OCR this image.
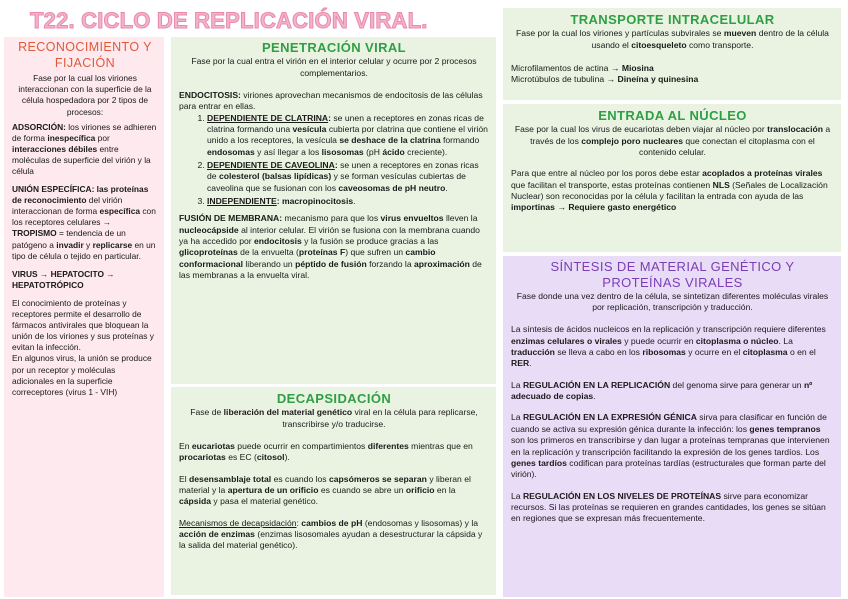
T22. CICLO DE REPLICACIÓN VIRAL.
RECONOCIMIENTO Y FIJACIÓN

Fase por la cual los viriones interaccionan con la superficie de la célula hospedadora por 2 tipos de procesos:

ADSORCIÓN: los viriones se adhieren de forma inespecífica por interacciones débiles entre moléculas de superficie del virión y la célula

UNIÓN ESPECÍFICA: las proteínas de reconocimiento del virión interaccionan de forma específica con los receptores celulares → TROPISMO = tendencia de un patógeno a invadir y replicarse en un tipo de célula o tejido en particular.

VIRUS → HEPATOCITO → HEPATOTRÓPICO

El conocimiento de proteínas y receptores permite el desarrollo de fármacos antivirales que bloquean la unión de los viriones y sus proteínas y evitan la infección.

En algunos virus, la unión se produce por un receptor y moléculas adicionales en la superficie correceptores (virus 1 - VIH)

PENETRACIÓN VIRAL

Fase por la cual entra el virión en el interior celular y ocurre por 2 procesos complementarios.

ENDOCITOSIS: viriones aprovechan mecanismos de endocitosis de las células para entrar en ellas.

1. DEPENDIENTE DE CLATRINA: se unen a receptores en zonas ricas de clatrina formando una vesícula cubierta por clatrina que contiene el virión unido a los receptores, la vesícula se deshace de la clatrina formando endosomas y así llegar a los lisosomas (pH ácido creciente).
2. DEPENDIENTE DE CAVEOLINA: se unen a receptores en zonas ricas de colesterol (balsas lipídicas) y se forman vesículas cubiertas de caveolina que se fusionan con los caveosomas de pH neutro.
3. INDEPENDIENTE: macropinocitosis.

FUSIÓN DE MEMBRANA: mecanismo para que los virus envueltos lleven la nucleocápside al interior celular. El virión se fusiona con la membrana cuando ya ha accedido por endocitosis y la fusión se produce gracias a las glicoproteínas de la envuelta (proteínas F) que sufren un cambio conformacional liberando un péptido de fusión forzando la aproximación de las membranas a la envuelta viral.

DECAPSIDACIÓN

Fase de liberación del material genético viral en la célula para replicarse, transcribirse y/o traducirse.

En eucariotas puede ocurrir en compartimientos diferentes mientras que en procariotas es EC (citosol).

El desensamblaje total es cuando los capsómeros se separan y liberan el material y la apertura de un orificio es cuando se abre un orificio en la cápsida y pasa el material genético.

Mecanismos de decapsidación: cambios de pH (endosomas y lisosomas) y la acción de enzimas (enzimas lisosomales ayudan a desestructurar la cápsida y la salida del material genético).

TRANSPORTE INTRACELULAR

Fase por la cual los viriones y partículas subvirales se mueven dentro de la célula usando el citoesqueleto como transporte.

Microfilamentos de actina → Miosina
Microtúbulos de tubulina → Dineína y quinesina
ENTRADA AL NÚCLEO

Fase por la cual los virus de eucariotas deben viajar al núcleo por translocación a través de los complejo poro nucleares que conectan el citoplasma con el contenido celular.

Para que entre al núcleo por los poros debe estar acoplados a proteínas virales que facilitan el transporte, estas proteínas contienen NLS (Señales de Localización Nuclear) son reconocidas por la célula y facilitan la entrada con ayuda de las importinas → Requiere gasto energético

SÍNTESIS DE MATERIAL GENÉTICO Y PROTEÍNAS VIRALES

Fase donde una vez dentro de la célula, se sintetizan diferentes moléculas virales por replicación, transcripción y traducción.

La síntesis de ácidos nucleicos en la replicación y transcripción requiere diferentes enzimas celulares o virales y puede ocurrir en citoplasma o núcleo. La traducción se lleva a cabo en los ribosomas y ocurre en el citoplasma o en el RER.

La REGULACIÓN EN LA REPLICACIÓN del genoma sirve para generar un nº adecuado de copias.

La REGULACIÓN EN LA EXPRESIÓN GÉNICA sirva para clasificar en función de cuando se activa su expresión génica durante la infección: los genes tempranos son los primeros en transcribirse y dan lugar a proteínas tempranas que intervienen en la replicación y transcripción facilitando la expresión de los genes tardíos. Los genes tardíos codifican para proteínas tardías (estructurales que forman parte del virión).

La REGULACIÓN EN LOS NIVELES DE PROTEÍNAS sirve para economizar recursos. Si las proteínas se requieren en grandes cantidades, los genes se sitúan en regiones que se expresan más frecuentemente.
